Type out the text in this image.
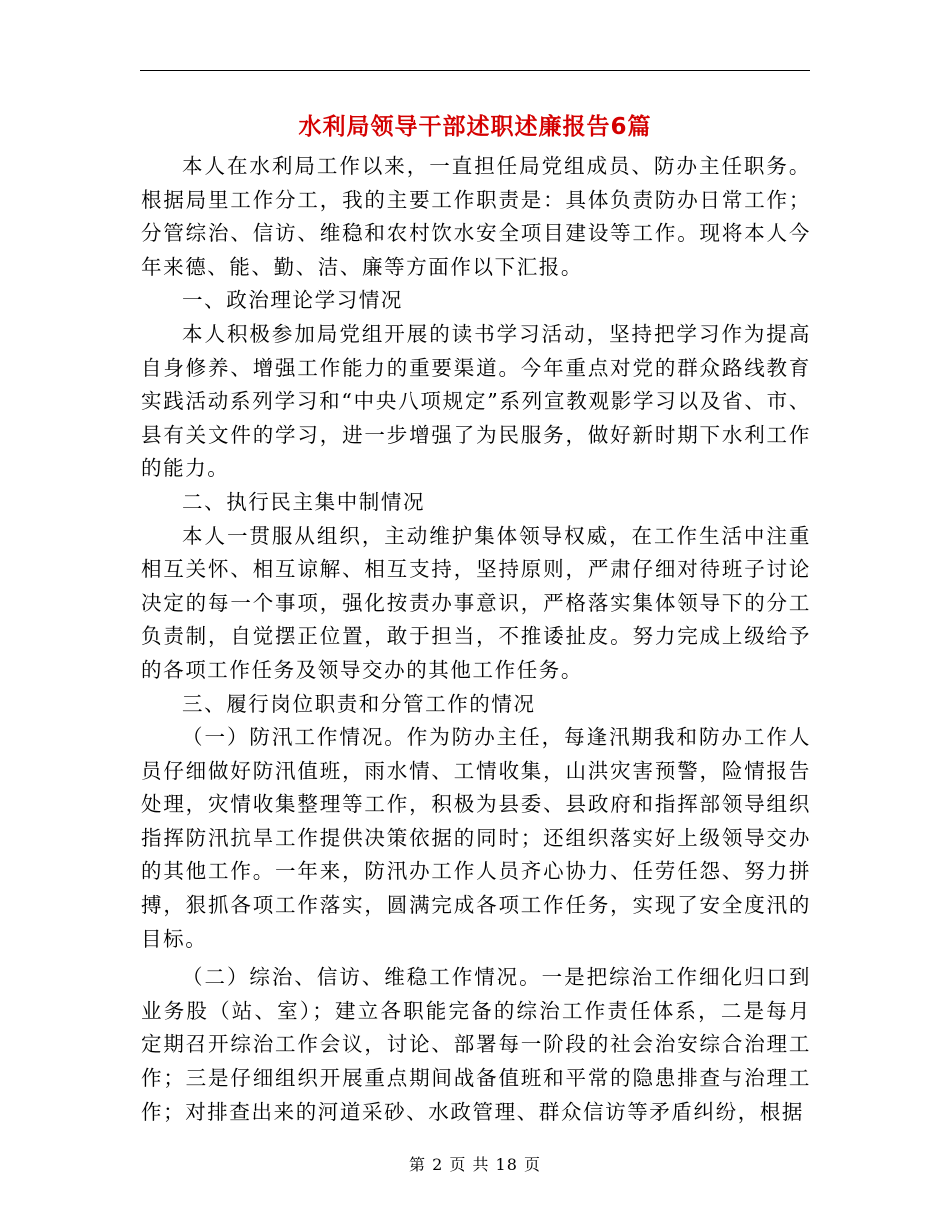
水利局领导干部述职述廉报告6篇

本人在水利局工作以来，一直担任局党组成员、防办主任职务。根据局里工作分工，我的主要工作职责是：具体负责防办日常工作；分管综治、信访、维稳和农村饮水安全项目建设等工作。现将本人今年来德、能、勤、洁、廉等方面作以下汇报。

一、政治理论学习情况

本人积极参加局党组开展的读书学习活动，坚持把学习作为提高自身修养、增强工作能力的重要渠道。今年重点对党的群众路线教育实践活动系列学习和“中央八项规定”系列宣教观影学习以及省、市、县有关文件的学习，进一步增强了为民服务，做好新时期下水利工作的能力。

二、执行民主集中制情况

本人一贯服从组织，主动维护集体领导权威，在工作生活中注重相互关怀、相互谅解、相互支持，坚持原则，严肃仔细对待班子讨论决定的每一个事项，强化按责办事意识，严格落实集体领导下的分工负责制，自觉摆正位置，敢于担当，不推诿扯皮。努力完成上级给予的各项工作任务及领导交办的其他工作任务。

三、履行岗位职责和分管工作的情况

（一）防汛工作情况。作为防办主任，每逢汛期我和防办工作人员仔细做好防汛值班，雨水情、工情收集，山洪灾害预警，险情报告处理，灾情收集整理等工作，积极为县委、县政府和指挥部领导组织指挥防汛抗旱工作提供决策依据的同时；还组织落实好上级领导交办的其他工作。一年来，防汛办工作人员齐心协力、任劳任怨、努力拼搏，狠抓各项工作落实，圆满完成各项工作任务，实现了安全度汛的目标。

（二）综治、信访、维稳工作情况。一是把综治工作细化归口到业务股（站、室）；建立各职能完备的综治工作责任体系，二是每月定期召开综治工作会议，讨论、部署每一阶段的社会治安综合治理工作；三是仔细组织开展重点期间战备值班和平常的隐患排查与治理工作；对排查出来的河道采砂、水政管理、群众信访等矛盾纠纷，根据

第 2 页 共 18 页
